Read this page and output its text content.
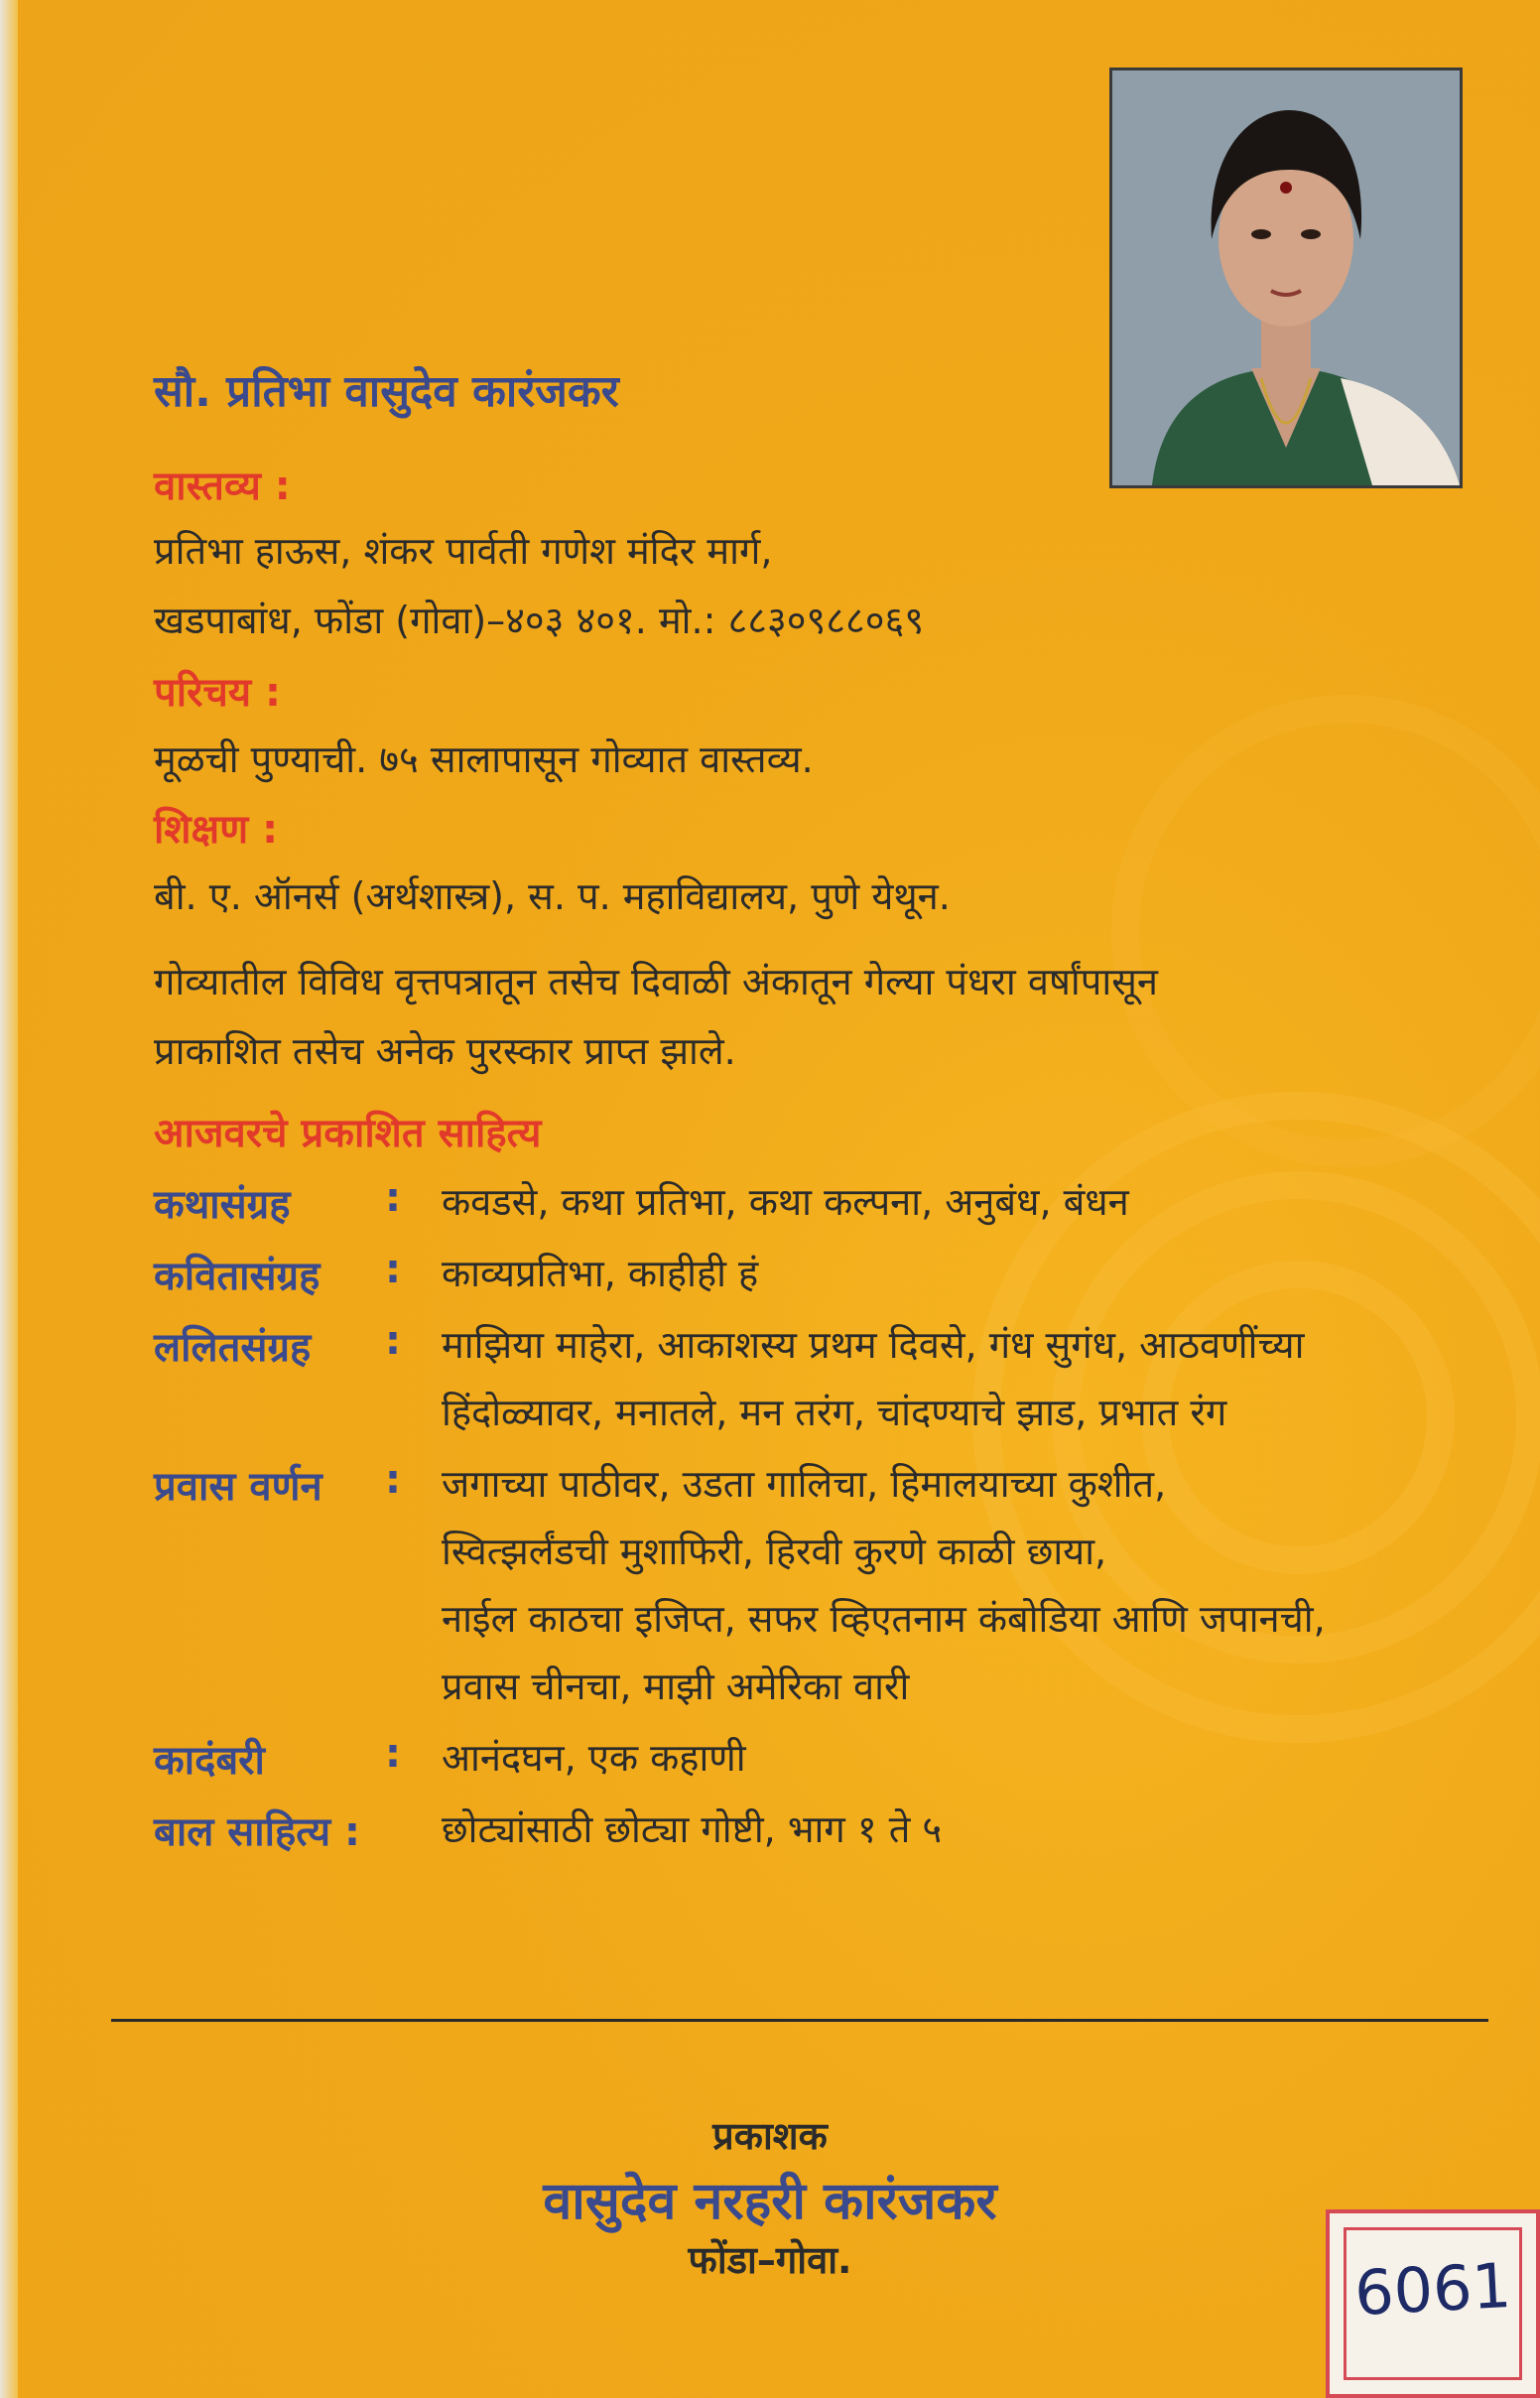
सौ. प्रतिभा वासुदेव कारंजकर
वास्तव्य :
प्रतिभा हाऊस, शंकर पार्वती गणेश मंदिर मार्ग,
खडपाबांध, फोंडा (गोवा)–४०३ ४०१. मो.: ८८३०९८८०६९
परिचय :
मूळची पुण्याची. ७५ सालापासून गोव्यात वास्तव्य.
शिक्षण :
बी. ए. ऑनर्स (अर्थशास्त्र), स. प. महाविद्यालय, पुणे येथून.
गोव्यातील विविध वृत्तपत्रातून तसेच दिवाळी अंकातून गेल्या पंधरा वर्षांपासून
प्राकाशित तसेच अनेक पुरस्कार प्राप्त झाले.
आजवरचे प्रकाशित साहित्य
कथासंग्रह : कवडसे, कथा प्रतिभा, कथा कल्पना, अनुबंध, बंधन
कवितासंग्रह : काव्यप्रतिभा, काहीही हं
ललितसंग्रह : माझिया माहेरा, आकाशस्य प्रथम दिवसे, गंध सुगंध, आठवणींच्या
हिंदोळ्यावर, मनातले, मन तरंग, चांदण्याचे झाड, प्रभात रंग
प्रवास वर्णन : जगाच्या पाठीवर, उडता गालिचा, हिमालयाच्या कुशीत,
स्वित्झर्लंडची मुशाफिरी, हिरवी कुरणे काळी छाया,
नाईल काठचा इजिप्त, सफर व्हिएतनाम कंबोडिया आणि जपानची,
प्रवास चीनचा, माझी अमेरिका वारी
कादंबरी	: आनंदघन, एक कहाणी
बाल साहित्य : छोट्यांसाठी छोट्या गोष्टी, भाग १ ते ५
प्रकाशक
वासुदेव नरहरी कारंजकर
फोंडा–गोवा.	6061
